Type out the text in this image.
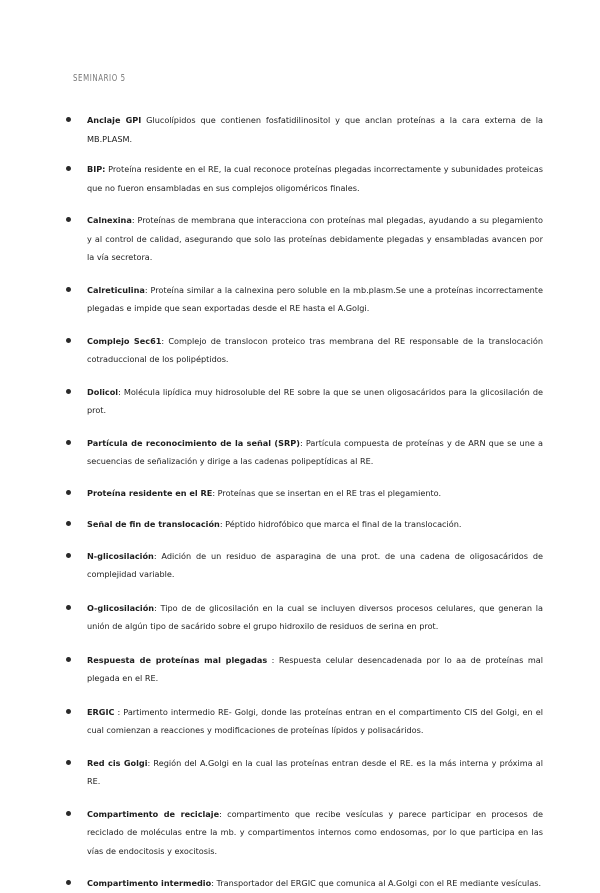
SEMINARIO 5
Anclaje GPI Glucolípidos que contienen fosfatidilinositol y que anclan proteínas a la cara externa de la MB.PLASM.
BIP: Proteína residente en el RE, la cual reconoce proteínas plegadas incorrectamente y subunidades proteicas que no fueron ensambladas en sus complejos oligoméricos finales.
Calnexina: Proteínas de membrana que interacciona con proteínas mal plegadas, ayudando a su plegamiento y al control de calidad, asegurando que solo las proteínas debidamente plegadas y ensambladas avancen por la vía secretora.
Calreticulina: Proteína similar a la calnexina pero soluble en la mb.plasm.Se une a proteínas incorrectamente plegadas e impide que sean exportadas desde el RE hasta el A.Golgi.
Complejo Sec61: Complejo de translocon proteico tras membrana del RE responsable de la translocación cotraduccional de los polipéptidos.
Dolicol: Molécula lipídica muy hidrosoluble del RE sobre la que se unen oligosacáridos para la glicosilación de prot.
Partícula de reconocimiento de la señal (SRP): Partícula compuesta de proteínas y de ARN que se une a secuencias de señalización y dirige a las cadenas polipeptídicas al RE.
Proteína residente en el RE: Proteínas que se insertan en el RE tras el plegamiento.
Señal de fin de translocación: Péptido hidrofóbico que marca el final de la translocación.
N-glicosilación: Adición de un residuo de asparagina de una prot. de una cadena de oligosacáridos de complejidad variable.
O-glicosilación: Tipo de de glicosilación en la cual se incluyen diversos procesos celulares, que generan la unión de algún tipo de sacárido sobre el grupo hidroxilo de residuos de serina en prot.
Respuesta de proteínas mal plegadas : Respuesta celular desencadenada por lo aa de proteínas mal plegada en el RE.
ERGIC : Partimento intermedio RE- Golgi, donde las proteínas entran en el compartimento CIS del Golgi, en el cual comienzan a reacciones y modificaciones de proteínas lípidos y polisacáridos.
Red cis Golgi: Región del A.Golgi en la cual las proteínas entran desde el RE. es la más interna y próxima al RE.
Compartimento de reciclaje: compartimento que recibe vesículas y parece participar en procesos de reciclado de moléculas entre la mb. y compartimentos internos como endosomas, por lo que participa en las vías de endocitosis y exocitosis.
Compartimento intermedio: Transportador del ERGIC que comunica al A.Golgi con el RE mediante vesículas.
